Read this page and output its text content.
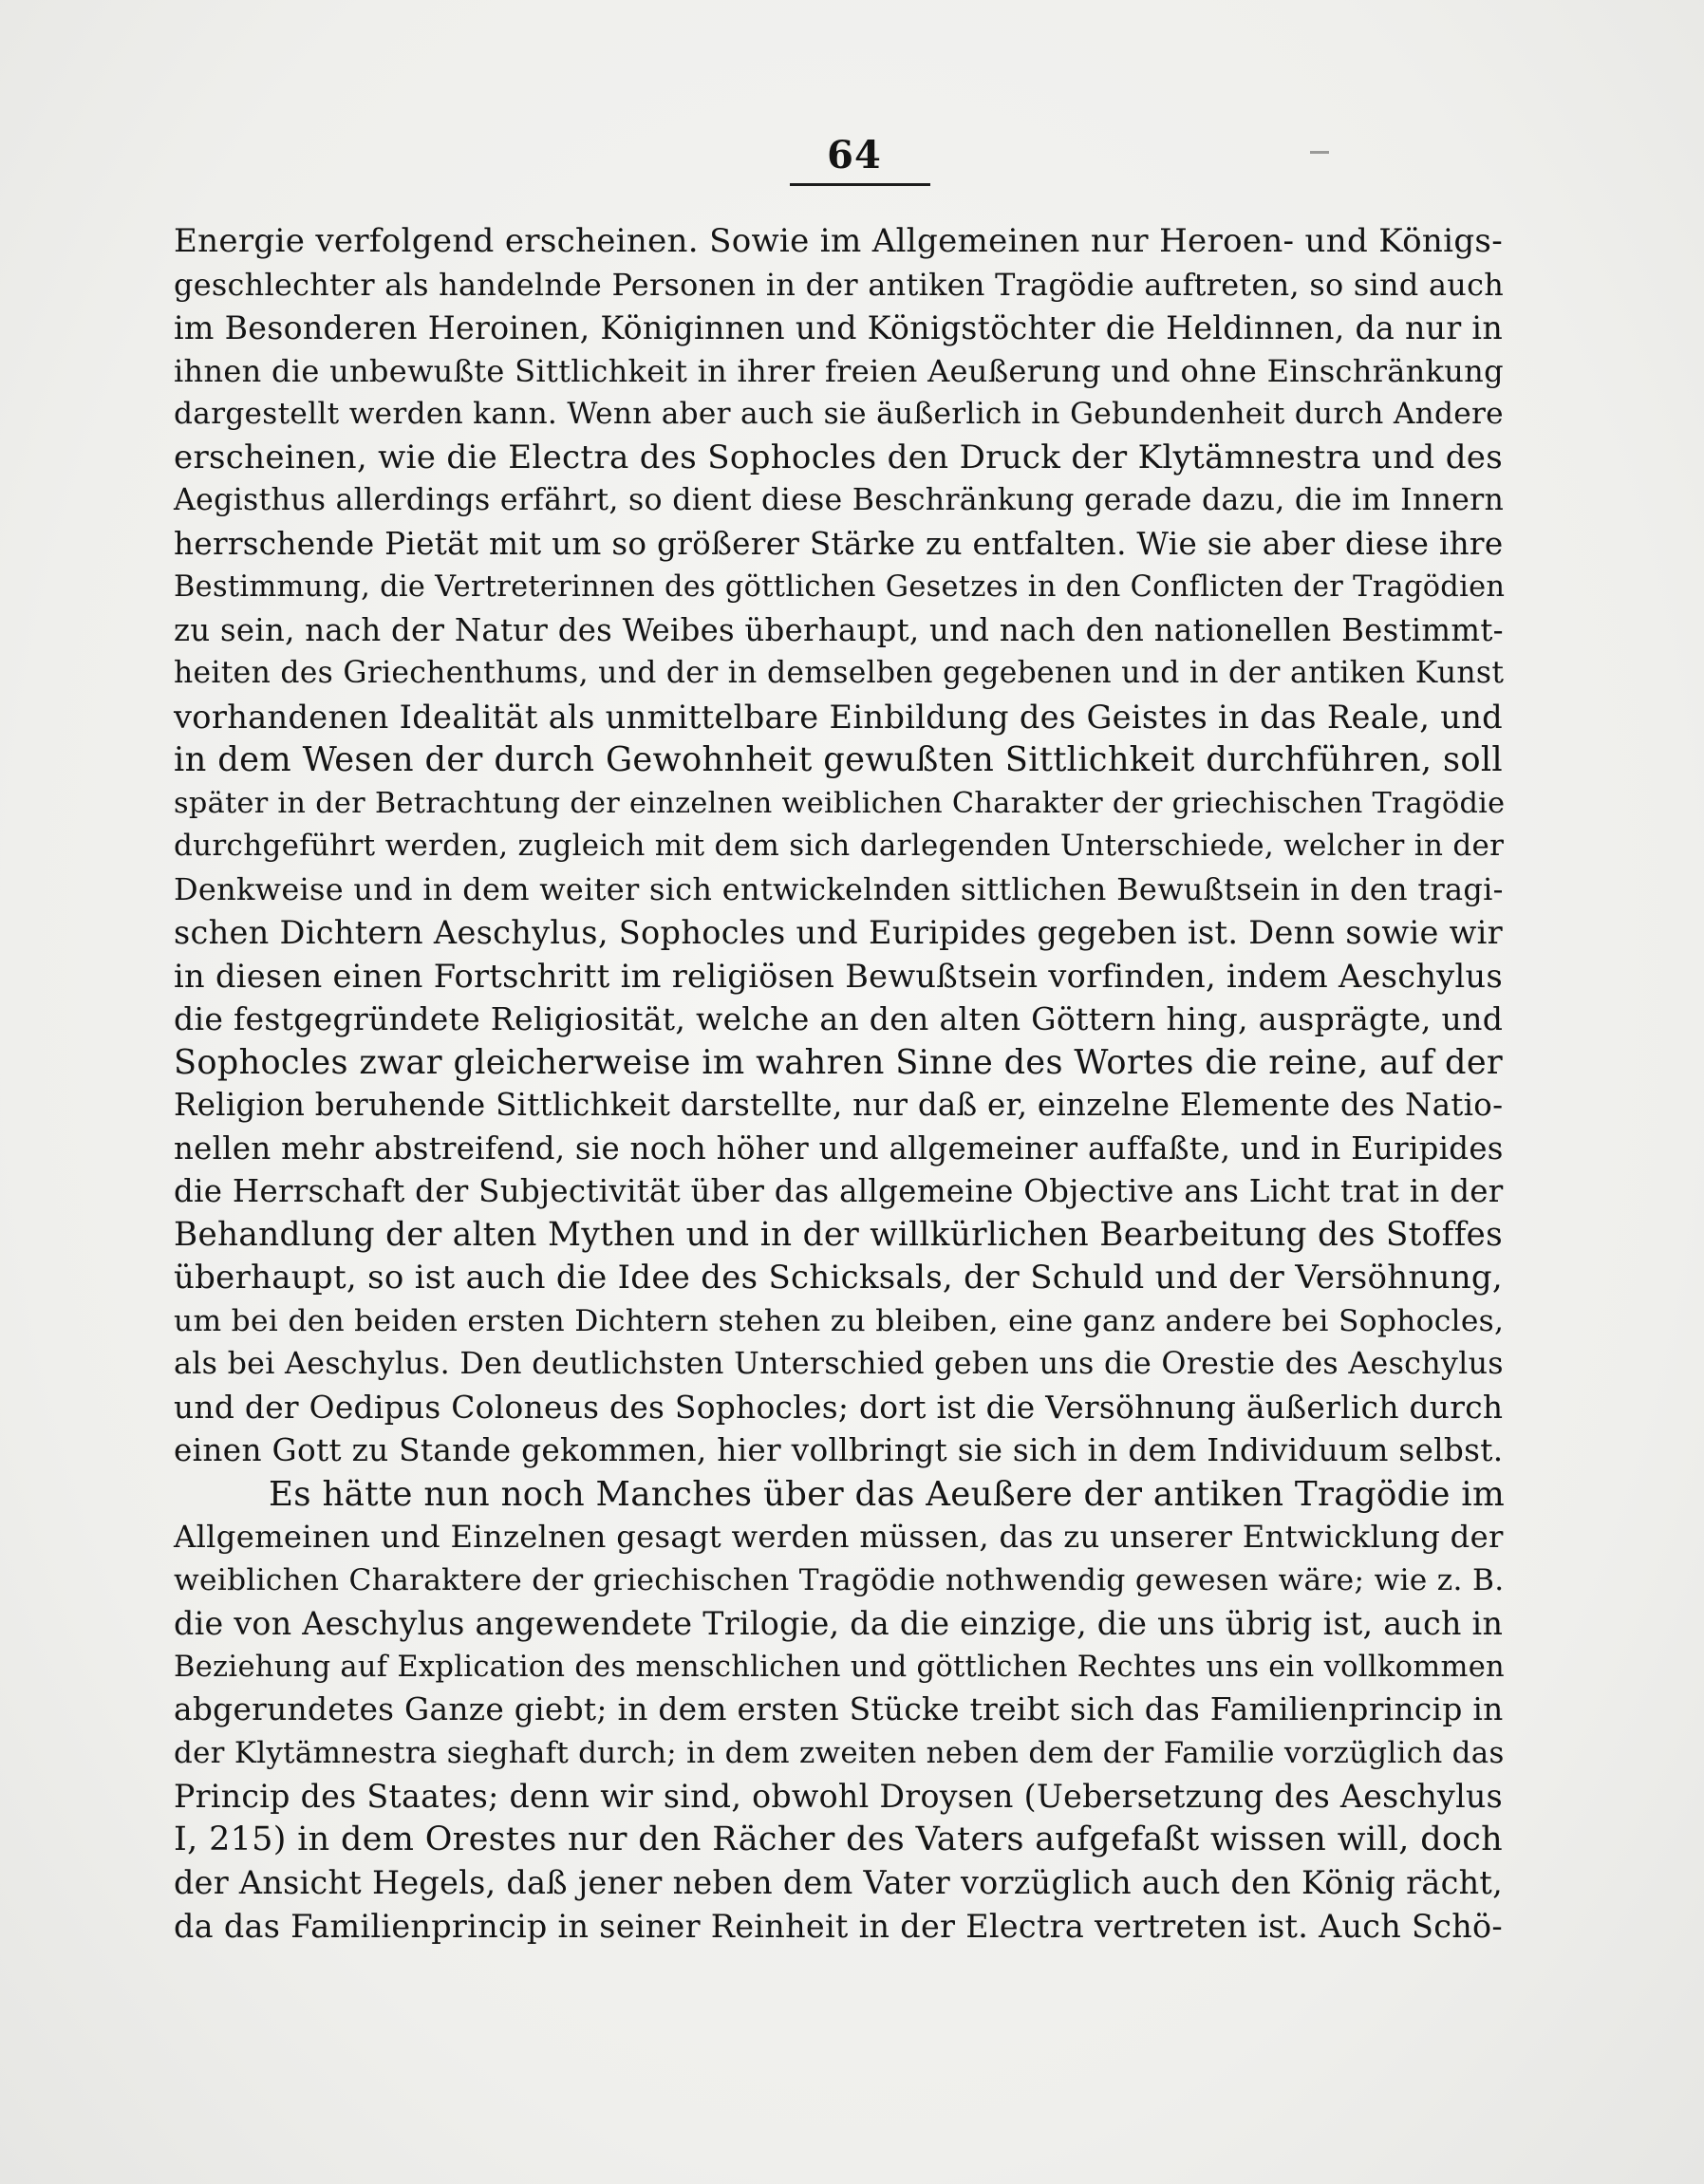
64
Energie verfolgend erscheinen. Sowie im Allgemeinen nur Heroen- und Königs-
geschlechter als handelnde Personen in der antiken Tragödie auftreten, so sind auch
im Besonderen Heroinen, Königinnen und Königstöchter die Heldinnen, da nur in
ihnen die unbewußte Sittlichkeit in ihrer freien Aeußerung und ohne Einschränkung
dargestellt werden kann. Wenn aber auch sie äußerlich in Gebundenheit durch Andere
erscheinen, wie die Electra des Sophocles den Druck der Klytämnestra und des
Aegisthus allerdings erfährt, so dient diese Beschränkung gerade dazu, die im Innern
herrschende Pietät mit um so größerer Stärke zu entfalten. Wie sie aber diese ihre
Bestimmung, die Vertreterinnen des göttlichen Gesetzes in den Conflicten der Tragödien
zu sein, nach der Natur des Weibes überhaupt, und nach den nationellen Bestimmt-
heiten des Griechenthums, und der in demselben gegebenen und in der antiken Kunst
vorhandenen Idealität als unmittelbare Einbildung des Geistes in das Reale, und
in dem Wesen der durch Gewohnheit gewußten Sittlichkeit durchführen, soll
später in der Betrachtung der einzelnen weiblichen Charakter der griechischen Tragödie
durchgeführt werden, zugleich mit dem sich darlegenden Unterschiede, welcher in der
Denkweise und in dem weiter sich entwickelnden sittlichen Bewußtsein in den tragi-
schen Dichtern Aeschylus, Sophocles und Euripides gegeben ist. Denn sowie wir
in diesen einen Fortschritt im religiösen Bewußtsein vorfinden, indem Aeschylus
die festgegründete Religiosität, welche an den alten Göttern hing, ausprägte, und
Sophocles zwar gleicherweise im wahren Sinne des Wortes die reine, auf der
Religion beruhende Sittlichkeit darstellte, nur daß er, einzelne Elemente des Natio-
nellen mehr abstreifend, sie noch höher und allgemeiner auffaßte, und in Euripides
die Herrschaft der Subjectivität über das allgemeine Objective ans Licht trat in der
Behandlung der alten Mythen und in der willkürlichen Bearbeitung des Stoffes
überhaupt, so ist auch die Idee des Schicksals, der Schuld und der Versöhnung,
um bei den beiden ersten Dichtern stehen zu bleiben, eine ganz andere bei Sophocles,
als bei Aeschylus. Den deutlichsten Unterschied geben uns die Orestie des Aeschylus
und der Oedipus Coloneus des Sophocles; dort ist die Versöhnung äußerlich durch
einen Gott zu Stande gekommen, hier vollbringt sie sich in dem Individuum selbst.
Es hätte nun noch Manches über das Aeußere der antiken Tragödie im
Allgemeinen und Einzelnen gesagt werden müssen, das zu unserer Entwicklung der
weiblichen Charaktere der griechischen Tragödie nothwendig gewesen wäre; wie z. B.
die von Aeschylus angewendete Trilogie, da die einzige, die uns übrig ist, auch in
Beziehung auf Explication des menschlichen und göttlichen Rechtes uns ein vollkommen
abgerundetes Ganze giebt; in dem ersten Stücke treibt sich das Familienprincip in
der Klytämnestra sieghaft durch; in dem zweiten neben dem der Familie vorzüglich das
Princip des Staates; denn wir sind, obwohl Droysen (Uebersetzung des Aeschylus
I, 215) in dem Orestes nur den Rächer des Vaters aufgefaßt wissen will, doch
der Ansicht Hegels, daß jener neben dem Vater vorzüglich auch den König rächt,
da das Familienprincip in seiner Reinheit in der Electra vertreten ist. Auch Schö-
